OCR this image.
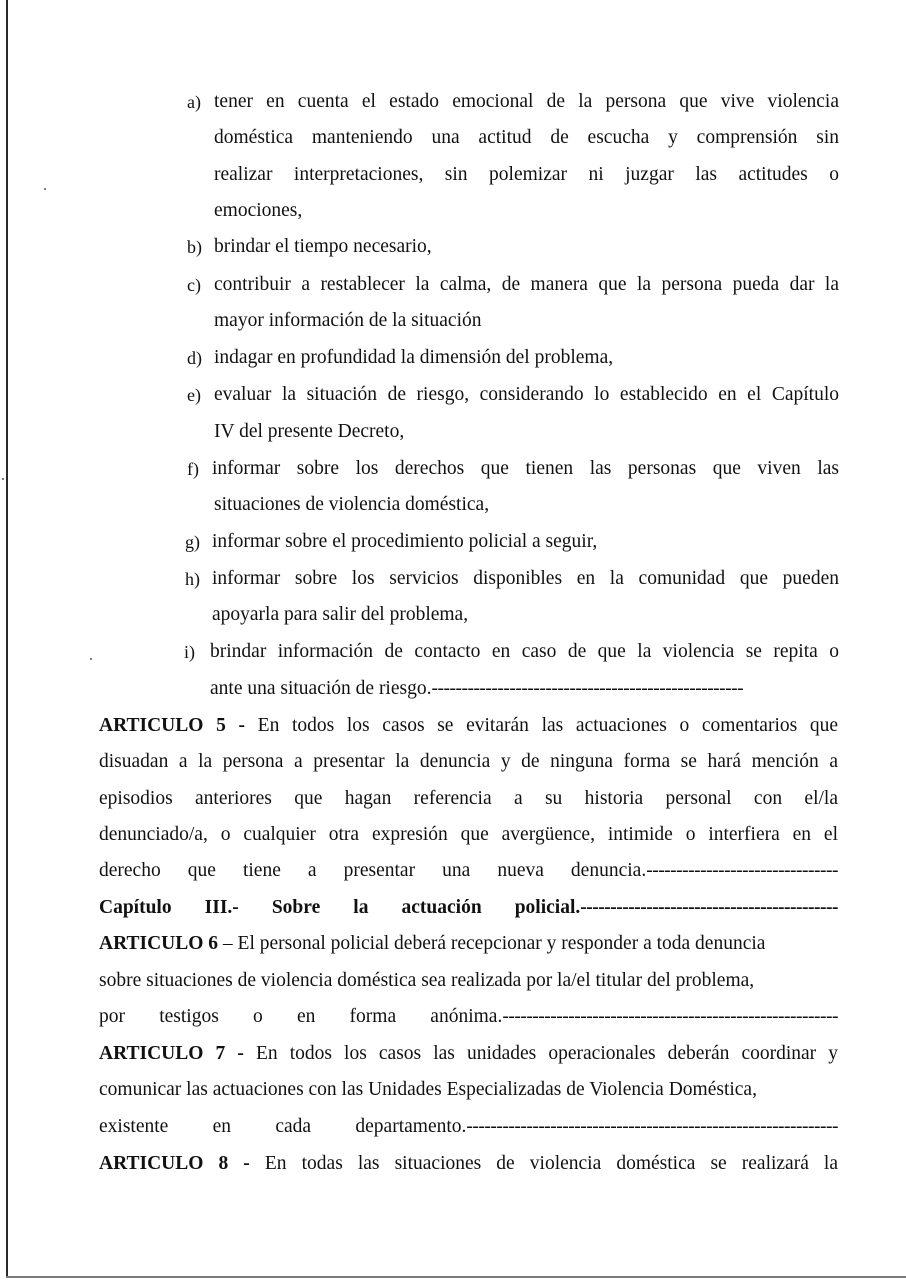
a) tener en cuenta el estado emocional de la persona que vive violencia
doméstica manteniendo una actitud de escucha y comprensión sin
realizar interpretaciones, sin polemizar ni juzgar las actitudes o
emociones,
b) brindar el tiempo necesario,
c) contribuir a restablecer la calma, de manera que la persona pueda dar la
mayor información de la situación
d) indagar en profundidad la dimensión del problema,
e) evaluar la situación de riesgo, considerando lo establecido en el Capítulo
IV del presente Decreto,
f) informar sobre los derechos que tienen las personas que viven las
situaciones de violencia doméstica,
g) informar sobre el procedimiento policial a seguir,
h) informar sobre los servicios disponibles en la comunidad que pueden
apoyarla para salir del problema,
i) brindar información de contacto en caso de que la violencia se repita o
ante una situación de riesgo.----------------------------------------------------
ARTICULO 5 - En todos los casos se evitarán las actuaciones o comentarios que
disuadan a la persona a presentar la denuncia y de ninguna forma se hará mención a
episodios anteriores que hagan referencia a su historia personal con el/la
denunciado/a, o cualquier otra expresión que avergüence, intimide o interfiera en el
derecho que tiene a presentar una nueva denuncia.--------------------------------
Capítulo III.- Sobre la actuación policial.-------------------------------------------
ARTICULO 6 – El personal policial deberá recepcionar y responder a toda denuncia
sobre situaciones de violencia doméstica sea realizada por la/el titular del problema,
por testigos o en forma anónima.--------------------------------------------------------
ARTICULO 7 - En todos los casos las unidades operacionales deberán coordinar y
comunicar las actuaciones con las Unidades Especializadas de Violencia Doméstica,
existente en cada departamento.--------------------------------------------------------------
ARTICULO 8 - En todas las situaciones de violencia doméstica se realizará la
